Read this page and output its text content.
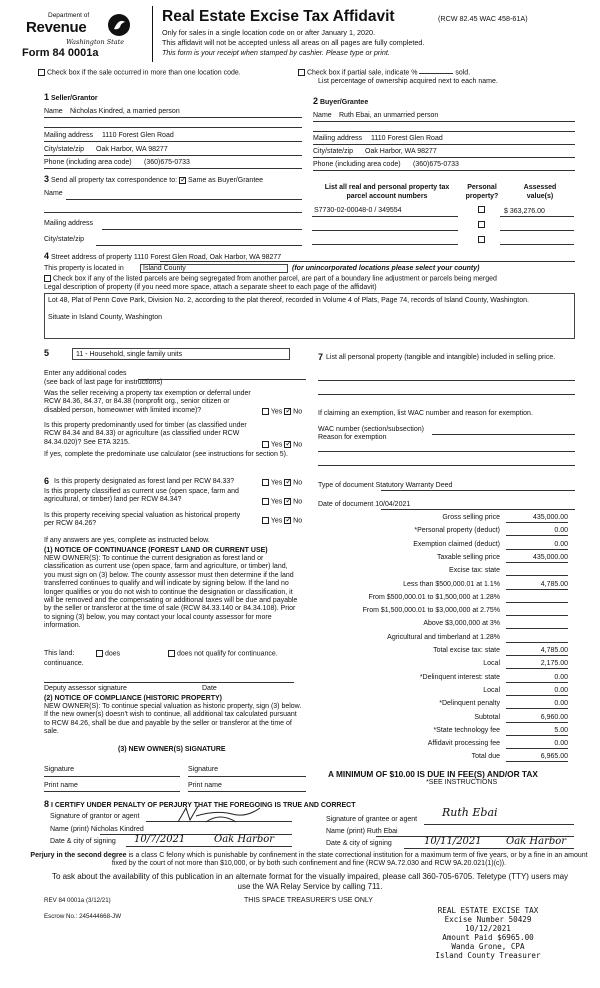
Department of
Revenue
Washington State
Form 84 0001a
Real Estate Excise Tax Affidavit	(RCW 82.45 WAC 458-61A)
Only for sales in a single location code on or after January 1, 2020.
This affidavit will not be accepted unless all areas on all pages are fully completed.
This form is your receipt when stamped by cashier. Please type or print.
Check box if the sale occurred in more than one location code.	Check box if partial sale, indicate %	sold.
List percentage of ownership acquired next to each name.
1 Seller/Grantor
Name Nicholas Kindred, a married person
Mailing address 1110 Forest Glen Road
City/state/zip Oak Harbor, WA 98277
Phone (including area code) (360)675-0733
2 Buyer/Grantee
Name Ruth Ebai, an unmarried person
Mailing address 1110 Forest Glen Road
City/state/zip Oak Harbor, WA 98277
Phone (including area code) (360)675-0733
3 Send all property tax correspondence to: ✓ Same as Buyer/Grantee
Name
Mailing address
City/state/zip
List all real and personal property tax parcel account numbers
Personal property?
Assessed value(s)
S7730-02-00048-0 / 349554	$ 363,276.00
4 Street address of property 1110 Forest Glen Road, Oak Harbor, WA 98277
This property is located in	Island County	(for unincorporated locations please select your county)
Check box if any of the listed parcels are being segregated from another parcel, are part of a boundary line adjustment or parcels being merged
Legal description of property (if you need more space, attach a separate sheet to each page of the affidavit)
Lot 48, Plat of Penn Cove Park, Division No. 2, according to the plat thereof, recorded in Volume 4 of Plats, Page 74, records of Island County, Washington.
Situate in Island County, Washington
5	11 - Household, single family units
Enter any additional codes
(see back of last page for instructions)
Was the seller receiving a property tax exemption or deferral under RCW 84.36, 84.37, or 84.38 (nonprofit org., senior citizen or disabled person, homeowner with limited income)?	Yes ✓ No
Is this property predominantly used for timber (as classified under RCW 84.34 and 84.33) or agriculture (as classified under RCW 84.34.020)? See ETA 3215.	Yes ✓ No
If yes, complete the predominate use calculator (see instructions for section 5).
6 Is this property designated as forest land per RCW 84.33?	Yes ✓ No
Is this property classified as current use (open space, farm and agricultural, or timber) land per RCW 84.34?	Yes ✓ No
Is this property receiving special valuation as historical property per RCW 84.26?	Yes ✓ No
If any answers are yes, complete as instructed below.
(1) NOTICE OF CONTINUANCE (FOREST LAND OR CURRENT USE)
NEW OWNER(S): To continue the current designation as forest land or classification as current use (open space, farm and agriculture, or timber) land, you must sign on (3) below. The county assessor must then determine if the land transferred continues to qualify and will indicate by signing below. If the land no longer qualifies or you do not wish to continue the designation or classification, it will be removed and the compensating or additional taxes will be due and payable by the seller or transferor at the time of sale (RCW 84.33.140 or 84.34.108). Prior to signing (3) below, you may contact your local county assessor for more information.
This land:	does	does not qualify for continuance.
continuance.
Deputy assessor signature	Date
(2) NOTICE OF COMPLIANCE (HISTORIC PROPERTY)
NEW OWNER(S): To continue special valuation as historic property, sign (3) below. If the new owner(s) doesn't wish to continue, all additional tax calculated pursuant to RCW 84.26, shall be due and payable by the seller or transferor at the time of sale.
(3) NEW OWNER(S) SIGNATURE
Signature	Signature
Print name	Print name
7 List all personal property (tangible and intangible) included in selling price.
If claiming an exemption, list WAC number and reason for exemption.
WAC number (section/subsection)
Reason for exemption
Type of document Statutory Warranty Deed
Date of document 10/04/2021
Gross selling price	435,000.00
*Personal property (deduct)	0.00
Exemption claimed (deduct)	0.00
Taxable selling price	435,000.00
Excise tax: state
Less than $500,000.01 at 1.1%	4,785.00
From $500,000.01 to $1,500,000 at 1.28%
From $1,500,000.01 to $3,000,000 at 2.75%
Above $3,000,000 at 3%
Agricultural and timberland at 1.28%
Total excise tax: state	4,785.00
Local	2,175.00
*Delinquent interest: state	0.00
Local	0.00
*Delinquent penalty	0.00
Subtotal	6,960.00
*State technology fee	5.00
Affidavit processing fee	0.00
Total due	6,965.00
A MINIMUM OF $10.00 IS DUE IN FEE(S) AND/OR TAX
*SEE INSTRUCTIONS
8 I CERTIFY UNDER PENALTY OF PERJURY THAT THE FOREGOING IS TRUE AND CORRECT
Signature of grantor or agent
Name (print) Nicholas Kindred
Date & city of signing 10/7/2021	Oak Harbor
Signature of grantee or agent
Ruth Ebai
Name (print) Ruth Ebai
Date & city of signing	10/11/2021 Oak Harbor
Perjury in the second degree is a class C felony which is punishable by confinement in the state correctional institution for a maximum term of five years, or by a fine in an amount fixed by the court of not more than $10,000, or by both such confinement and fine (RCW 9A.72.030 and RCW 9A.20.021(1)(c)).
To ask about the availability of this publication in an alternate format for the visually impaired, please call 360-705-6705. Teletype (TTY) users may use the WA Relay Service by calling 711.
REV 84 0001a (3/12/21)	THIS SPACE TREASURER'S USE ONLY
Escrow No.: 245444668-JW
REAL ESTATE EXCISE TAX
Excise Number 50429
10/12/2021
Amount Paid $6965.00
Wanda Grone, CPA
Island County Treasurer
